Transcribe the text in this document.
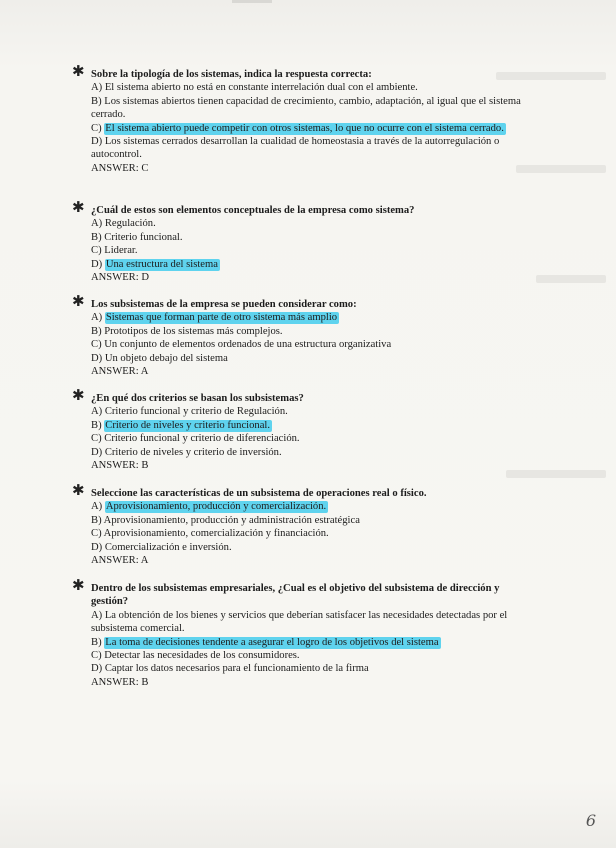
✱ Sobre la tipología de los sistemas, indica la respuesta correcta:
A) El sistema abierto no está en constante interrelación dual con el ambiente.
B) Los sistemas abiertos tienen capacidad de crecimiento, cambio, adaptación, al igual que el sistema cerrado.
C) El sistema abierto puede competir con otros sistemas, lo que no ocurre con el sistema cerrado.
D) Los sistemas cerrados desarrollan la cualidad de homeostasia a través de la autorregulación o autocontrol.
ANSWER: C
✱ ¿Cuál de estos son elementos conceptuales de la empresa como sistema?
A) Regulación.
B) Criterio funcional.
C) Liderar.
D) Una estructura del sistema
ANSWER: D
✱ Los subsistemas de la empresa se pueden considerar como:
A) Sistemas que forman parte de otro sistema más amplio
B) Prototipos de los sistemas más complejos.
C) Un conjunto de elementos ordenados de una estructura organizativa
D) Un objeto debajo del sistema
ANSWER: A
✱ ¿En qué dos criterios se basan los subsistemas?
A) Criterio funcional y criterio de Regulación.
B) Criterio de niveles y criterio funcional.
C) Criterio funcional y criterio de diferenciación.
D) Criterio de niveles y criterio de inversión.
ANSWER: B
✱ Seleccione las características de un subsistema de operaciones real o físico.
A) Aprovisionamiento, producción y comercialización.
B) Aprovisionamiento, producción y administración estratégica
C) Aprovisionamiento, comercialización y financiación.
D) Comercialización e inversión.
ANSWER: A
✱ Dentro de los subsistemas empresariales, ¿Cual es el objetivo del subsistema de dirección y gestión?
A) La obtención de los bienes y servicios que deberían satisfacer las necesidades detectadas por el subsistema comercial.
B) La toma de decisiones tendente a asegurar el logro de los objetivos del sistema
C) Detectar las necesidades de los consumidores.
D) Captar los datos necesarios para el funcionamiento de la firma
ANSWER: B
6
